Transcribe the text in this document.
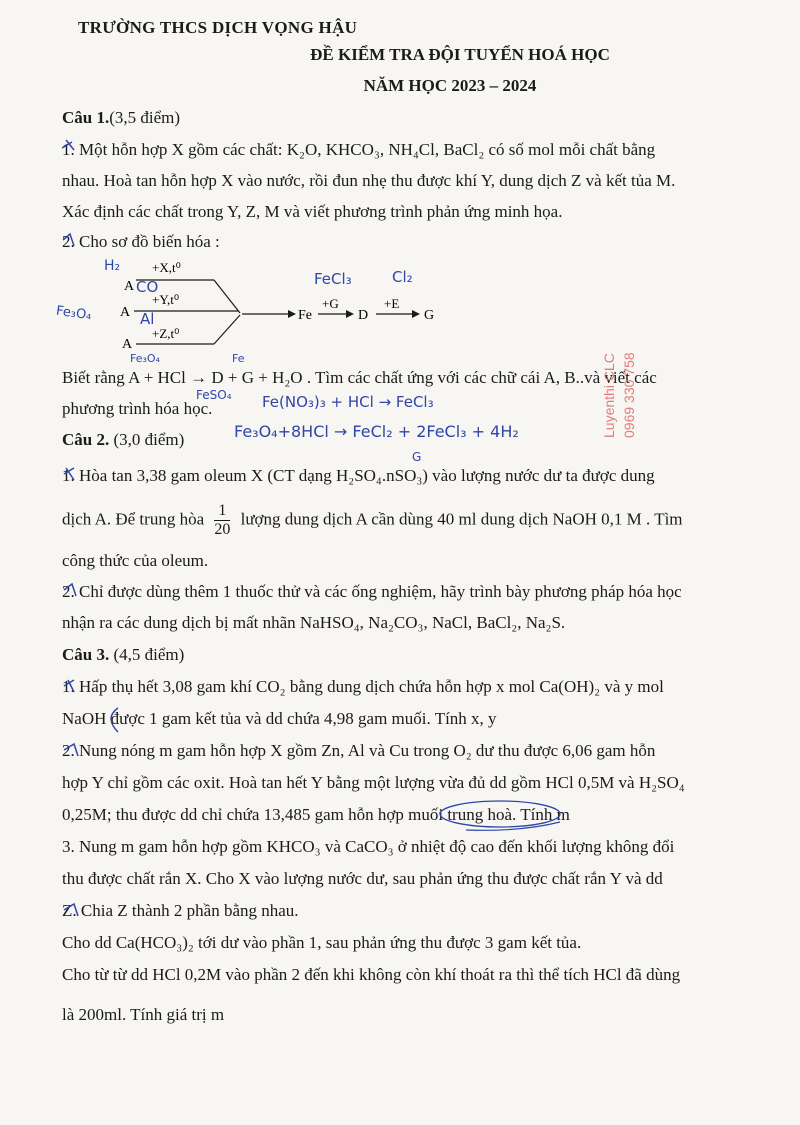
TRƯỜNG THCS DỊCH VỌNG HẬU
ĐỀ KIỂM TRA ĐỘI TUYỂN HOÁ HỌC
NĂM HỌC 2023 – 2024
Câu 1.(3,5 điểm)
1. Một hỗn hợp X gồm các chất: K₂O, KHCO₃, NH₄Cl, BaCl₂ có số mol mỗi chất bằng
nhau. Hoà tan hỗn hợp X vào nước, rồi đun nhẹ thu được khí Y, dung dịch Z và kết tủa M.
Xác định các chất trong Y, Z, M và viết phương trình phản ứng minh họa.
2. Cho sơ đồ biến hóa :
A
A
A
+X,t⁰
+Y,t⁰
+Z,t⁰
Fe
+G
D
+E
G
Biết rằng A + HCl → D + G + H₂O . Tìm các chất ứng với các chữ cái A, B..và viết các
phương trình hóa học.
Câu 2. (3,0 điểm)
1. Hòa tan 3,38 gam oleum X (CT dạng H₂SO₄.nSO₃) vào lượng nước dư ta được dung
dịch A. Để trung hòa $\frac{1}{20}$ lượng dung dịch A cần dùng 40 ml dung dịch NaOH 0,1 M . Tìm
công thức của oleum.
2. Chỉ được dùng thêm 1 thuốc thử và các ống nghiệm, hãy trình bày phương pháp hóa học
nhận ra các dung dịch bị mất nhãn NaHSO₄, Na₂CO₃, NaCl, BaCl₂, Na₂S.
Câu 3. (4,5 điểm)
1. Hấp thụ hết 3,08 gam khí CO₂ bằng dung dịch chứa hỗn hợp x mol Ca(OH)₂ và y mol
NaOH được 1 gam kết tủa và dd chứa 4,98 gam muối. Tính x, y
2. Nung nóng m gam hỗn hợp X gồm Zn, Al và Cu trong O₂ dư thu được 6,06 gam hỗn
hợp Y chỉ gồm các oxit. Hoà tan hết Y bằng một lượng vừa đủ dd gồm HCl 0,5M và H₂SO₄
0,25M; thu được dd chỉ chứa 13,485 gam hỗn hợp muối trung hoà. Tính m
3. Nung m gam hỗn hợp gồm KHCO₃ và CaCO₃ ở nhiệt độ cao đến khối lượng không đổi
thu được chất rắn X. Cho X vào lượng nước dư, sau phản ứng thu được chất rắn Y và dd
Z. Chia Z thành 2 phần bằng nhau.
Cho dd Ca(HCO₃)₂ tới dư vào phần 1, sau phản ứng thu được 3 gam kết tủa.
Cho từ từ dd HCl 0,2M vào phần 2 đến khi không còn khí thoát ra thì thể tích HCl đã dùng
là 200ml. Tính giá trị m
H₂
CO
Al
Fe₃O₄
FeCl₃	Cl₂
Fe
Fe₃O₄
FeSO₄ Fe(NO₃)₃ + HCl → FeCl₃
Fe₃O₄+8HCl → FeCl₂ + 2FeCl₃ + 4H₂
G
Luyenthi CLC 0969 330 758
